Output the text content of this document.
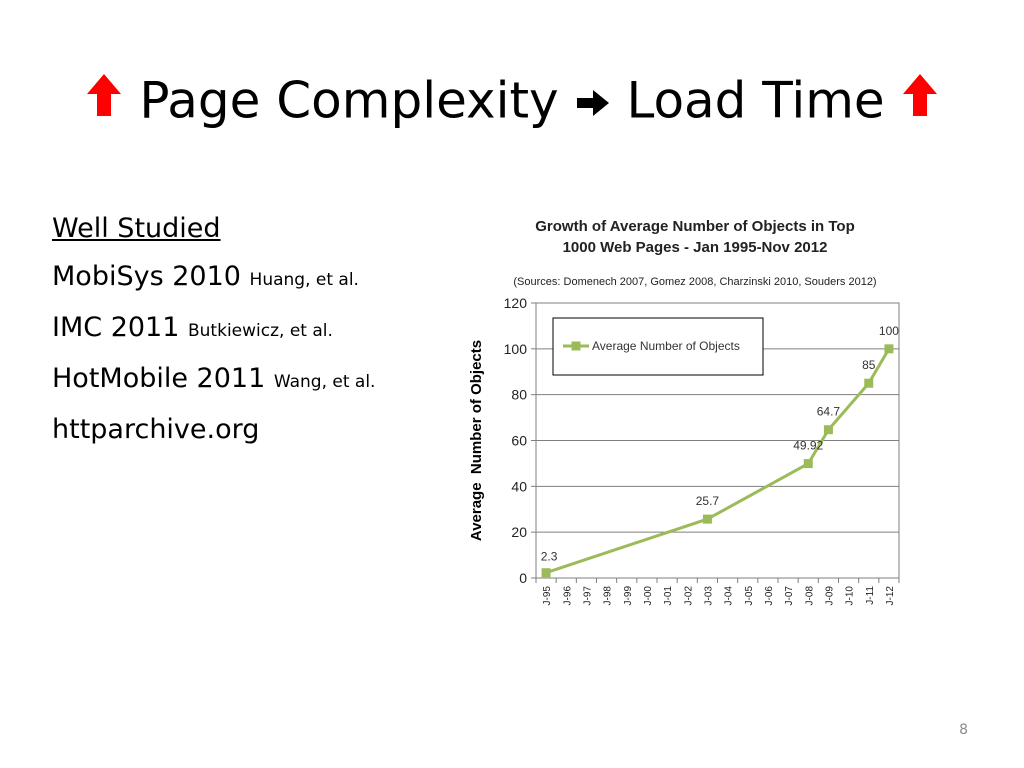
Page Complexity Load Time
Well Studied
MobiSys 2010 Huang, et al.
IMC 2011 Butkiewicz, et al.
HotMobile 2011 Wang, et al.
httparchive.org
Growth of Average Number of Objects in Top
1000 Web Pages - Jan 1995-Nov 2012
(Sources: Domenech 2007, Gomez 2008, Charzinski 2010, Souders 2012)
0
20
40
60
80
100
120
J-95 J-96 J-97 J-98 J-99 J-00 J-01 J-02 J-03 J-04 J-05 J-06 J-07 J-08 J-09 J-10 J-11 J-12
Average  Number of Objects
2.3
25.7
49.92
64.7
85
100
Average Number of Objects
8
